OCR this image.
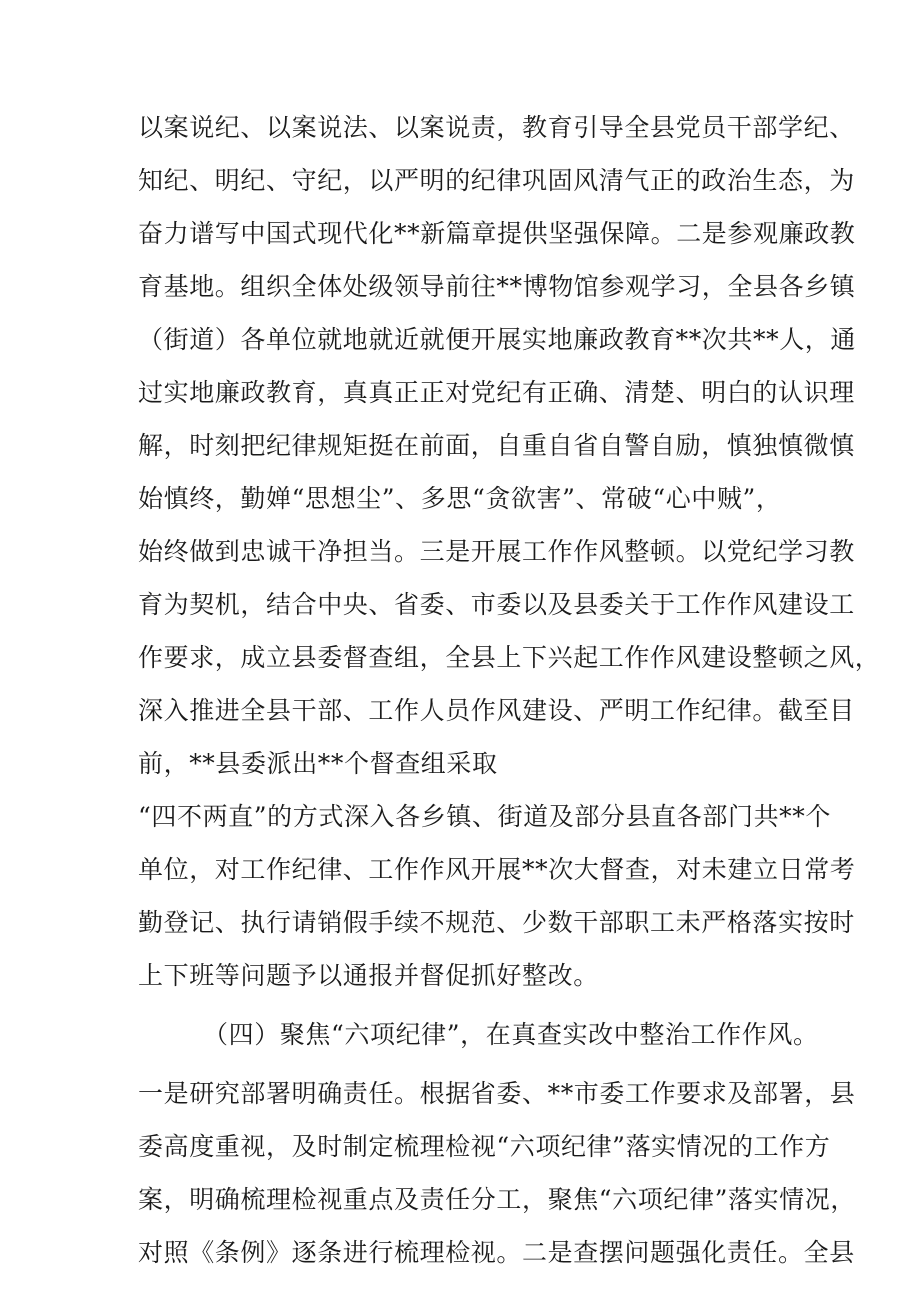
以案说纪、以案说法、以案说责，教育引导全县党员干部学纪、
知纪、明纪、守纪，以严明的纪律巩固风清气正的政治生态，为
奋力谱写中国式现代化**新篇章提供坚强保障。二是参观廉政教
育基地。组织全体处级领导前往**博物馆参观学习，全县各乡镇
（街道）各单位就地就近就便开展实地廉政教育**次共**人，通
过实地廉政教育，真真正正对党纪有正确、清楚、明白的认识理
解，时刻把纪律规矩挺在前面，自重自省自警自励，慎独慎微慎
始慎终，勤婵“思想尘”、多思“贪欲害”、常破“心中贼”，
始终做到忠诚干净担当。三是开展工作作风整顿。以党纪学习教
育为契机，结合中央、省委、市委以及县委关于工作作风建设工
作要求，成立县委督查组，全县上下兴起工作作风建设整顿之风，
深入推进全县干部、工作人员作风建设、严明工作纪律。截至目
前，**县委派出**个督查组采取
“四不两直”的方式深入各乡镇、街道及部分县直各部门共**个
单位，对工作纪律、工作作风开展**次大督查，对未建立日常考
勤登记、执行请销假手续不规范、少数干部职工未严格落实按时
上下班等问题予以通报并督促抓好整改。
（四）聚焦“六项纪律”，在真查实改中整治工作作风。
一是研究部署明确责任。根据省委、**市委工作要求及部署，县
委高度重视，及时制定梳理检视“六项纪律”落实情况的工作方
案，明确梳理检视重点及责任分工，聚焦“六项纪律”落实情况，
对照《条例》逐条进行梳理检视。二是查摆问题强化责任。全县
